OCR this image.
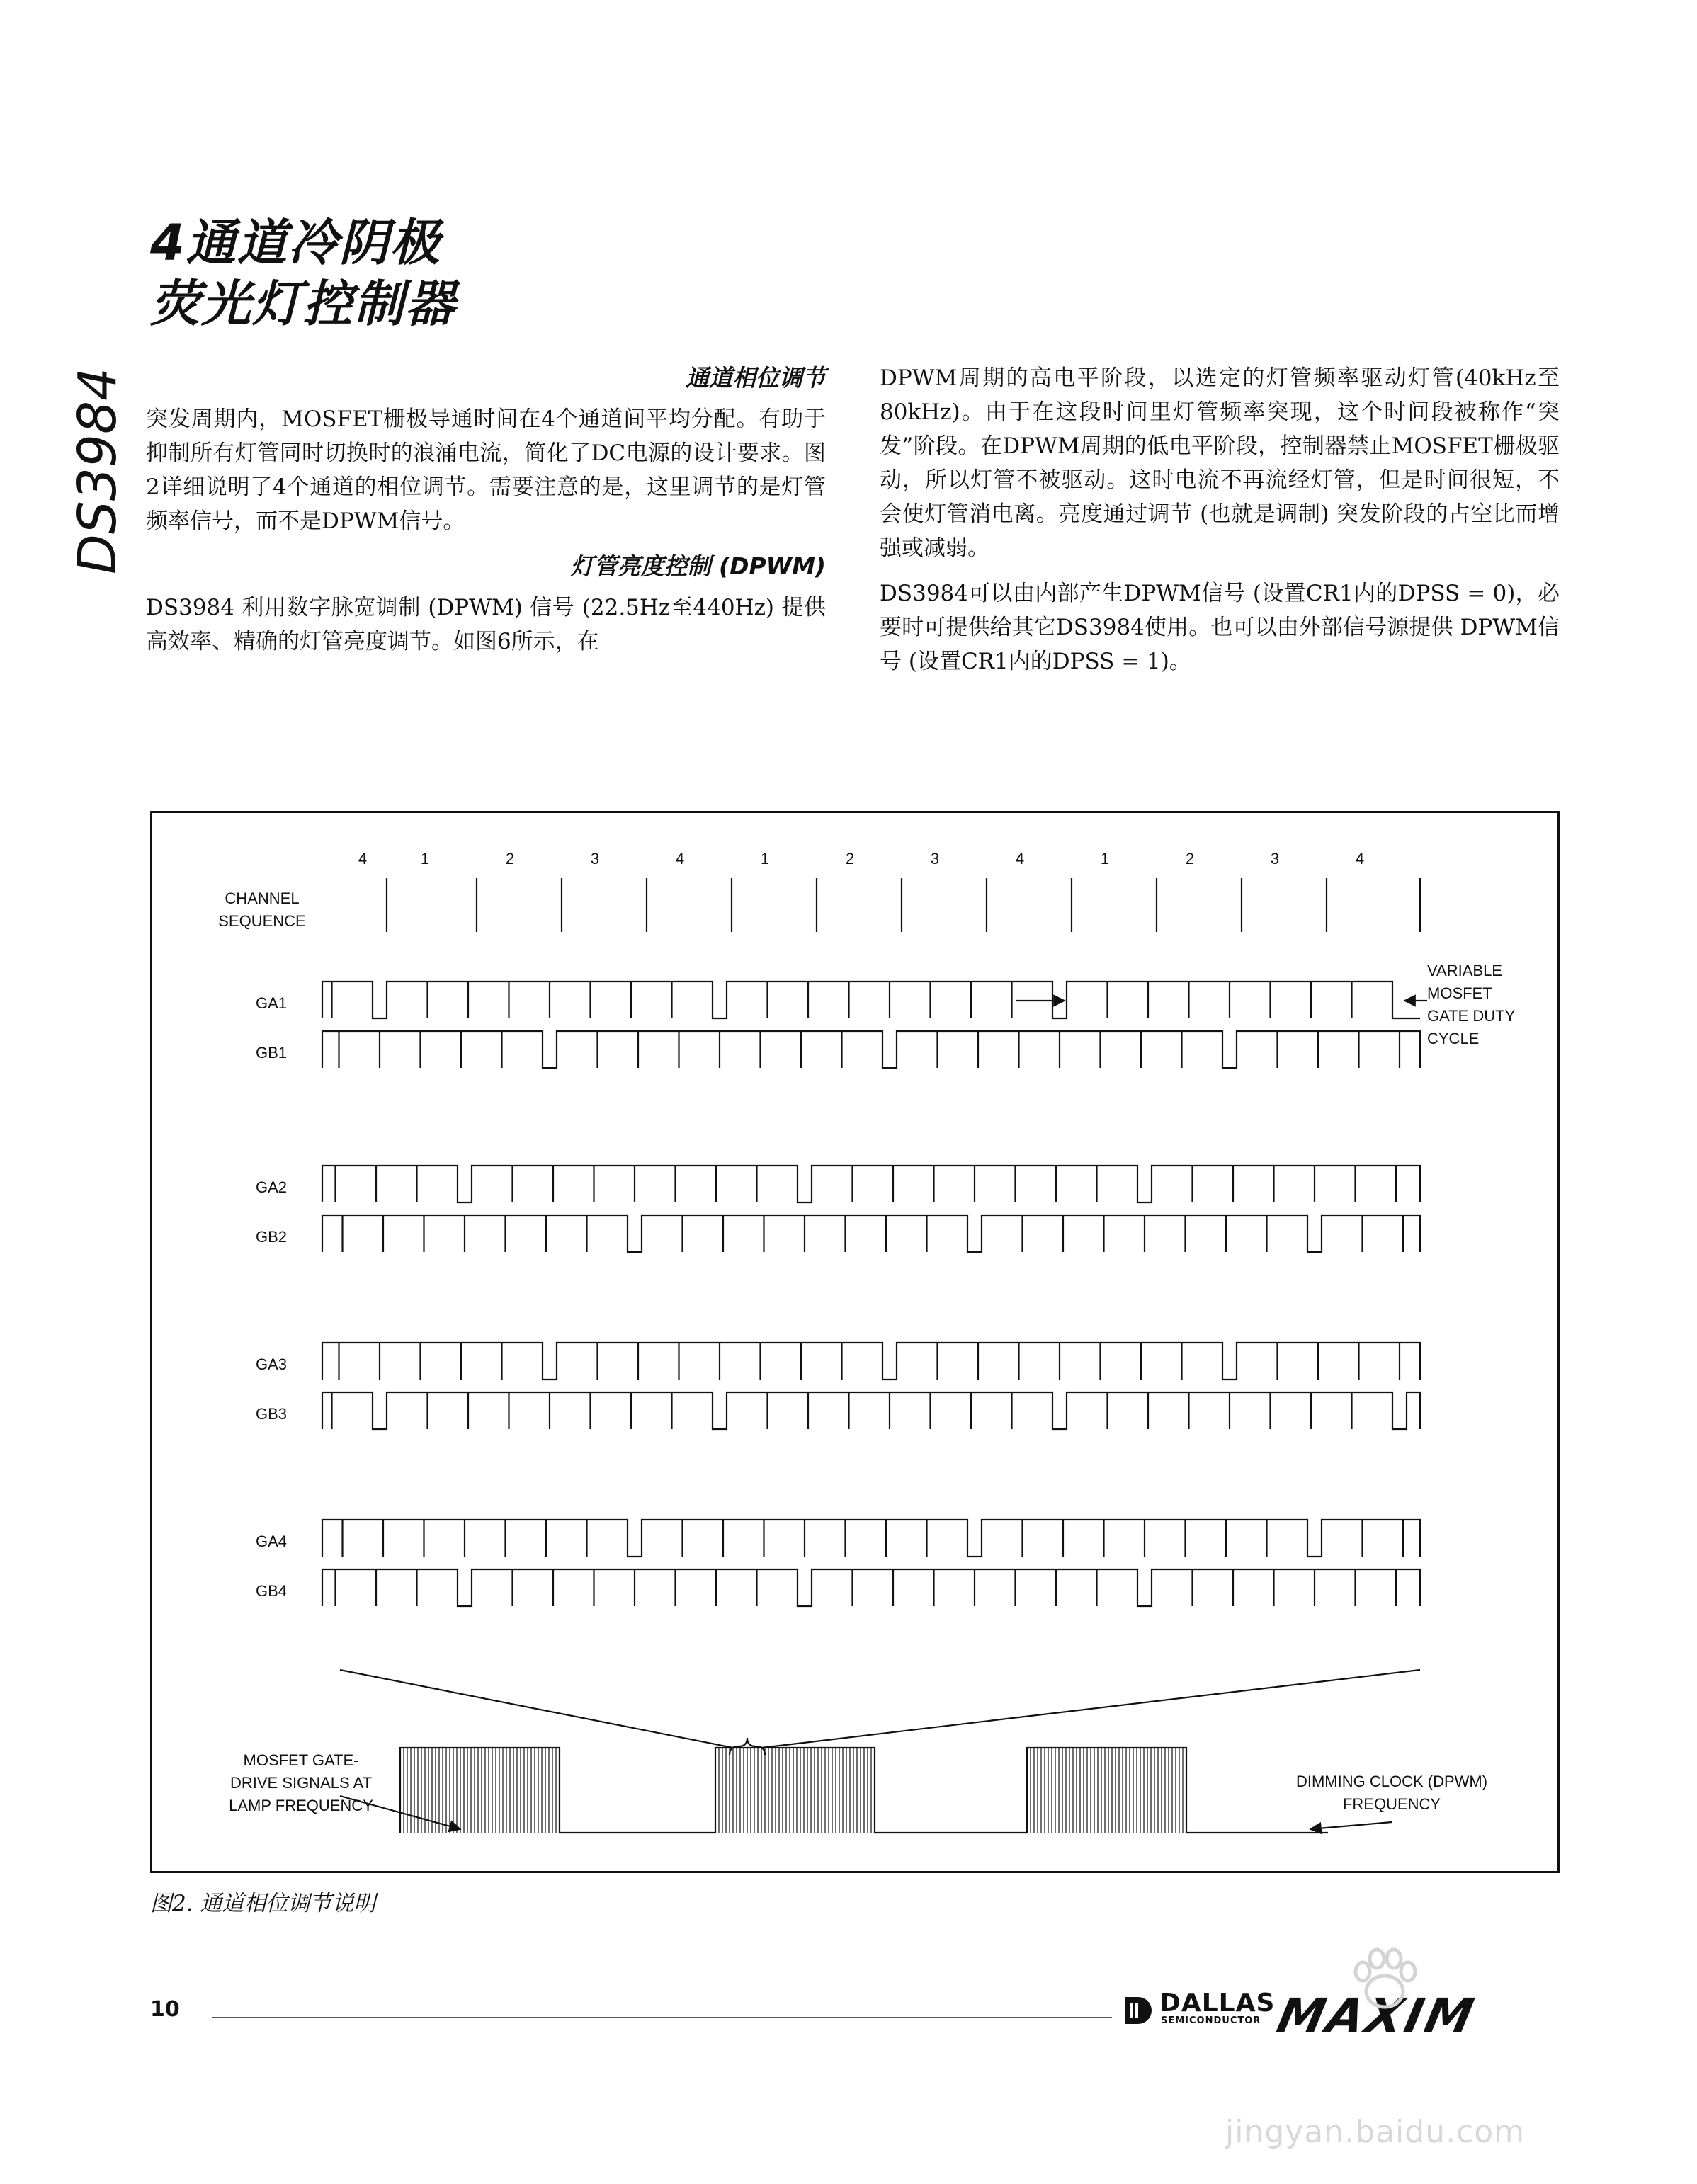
4通道冷阴极
荧光灯控制器
DS3984	通道相位调节

突发周期内，MOSFET栅极导通时间在4个通道间平均分配。有助于抑制所有灯管同时切换时的浪涌电流，简化了DC电源的设计要求。图2详细说明了4个通道的相位调节。需要注意的是，这里调节的是灯管频率信号，而不是DPWM信号。

灯管亮度控制 (DPWM)

DS3984 利用数字脉宽调制 (DPWM) 信号 (22.5Hz至440Hz) 提供高效率、精确的灯管亮度调节。如图6所示，在

DPWM周期的高电平阶段，以选定的灯管频率驱动灯管(40kHz至80kHz)。由于在这段时间里灯管频率突现，这个时间段被称作“突发”阶段。在DPWM周期的低电平阶段，控制器禁止MOSFET栅极驱动，所以灯管不被驱动。这时电流不再流经灯管，但是时间很短，不会使灯管消电离。亮度通过调节 (也就是调制) 突发阶段的占空比而增强或减弱。

DS3984可以由内部产生DPWM信号 (设置CR1内的DPSS = 0)，必要时可提供给其它DS3984使用。也可以由外部信号源提供 DPWM信号 (设置CR1内的DPSS = 1)。

4	1	2	3	4	1	2	3	4	1	2	3	4
CHANNEL
SEQUENCE
GA1
GB1
GA2
GB2
GA3
GB3
GA4
GB4
VARIABLE
MOSFET
GATE DUTY
CYCLE
MOSFET GATE-
DRIVE SIGNALS AT
LAMP FREQUENCY
DIMMING CLOCK (DPWM)
FREQUENCY
图2. 通道相位调节说明
10	DALLAS
SEMICONDUCTOR MAXIM
jingyan.baidu.com
